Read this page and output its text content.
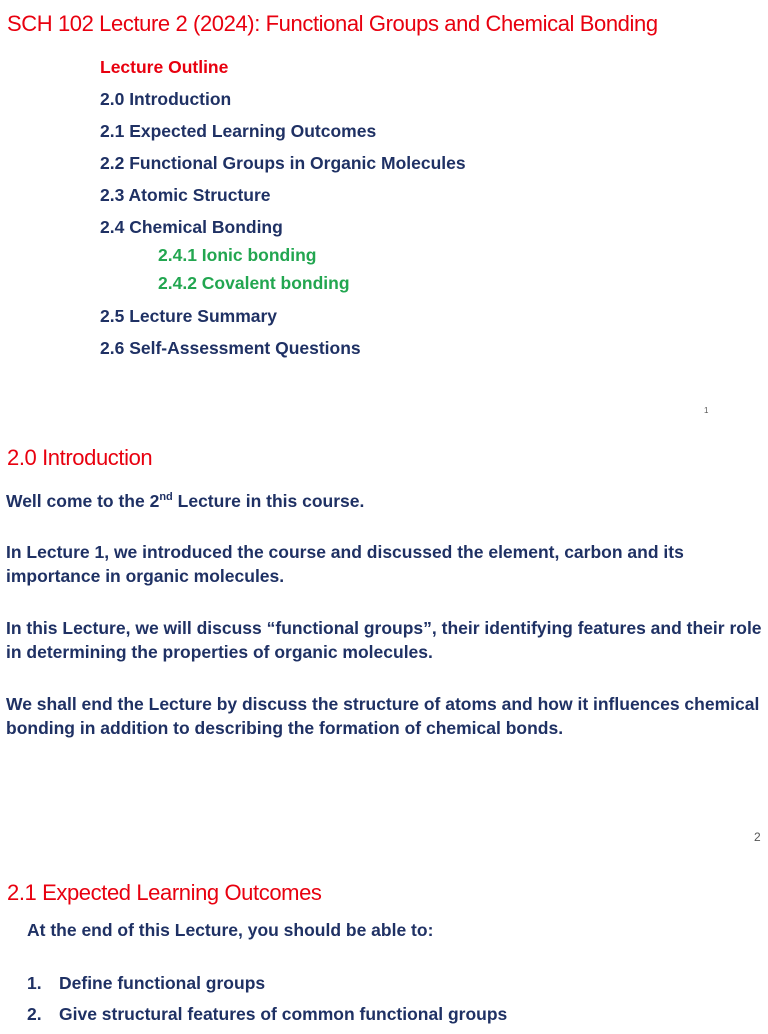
SCH 102 Lecture 2 (2024): Functional Groups and Chemical Bonding
Lecture Outline
2.0 Introduction
2.1 Expected Learning Outcomes
2.2 Functional Groups in Organic Molecules
2.3 Atomic Structure
2.4 Chemical Bonding
2.4.1 Ionic bonding
2.4.2 Covalent bonding
2.5 Lecture Summary
2.6 Self-Assessment Questions
1
2.0 Introduction

Well come to the 2nd Lecture in this course.

In Lecture 1, we introduced the course and discussed the element, carbon and its importance in organic molecules.

In this Lecture, we will discuss “functional groups”, their identifying features and their role in determining the properties of organic molecules.

We shall end the Lecture by discuss the structure of atoms and how it influences chemical bonding in addition to describing the formation of chemical bonds.

2
2.1 Expected Learning Outcomes
At the end of this Lecture, you should be able to:
1. Define functional groups
2. Give structural features of common functional groups
